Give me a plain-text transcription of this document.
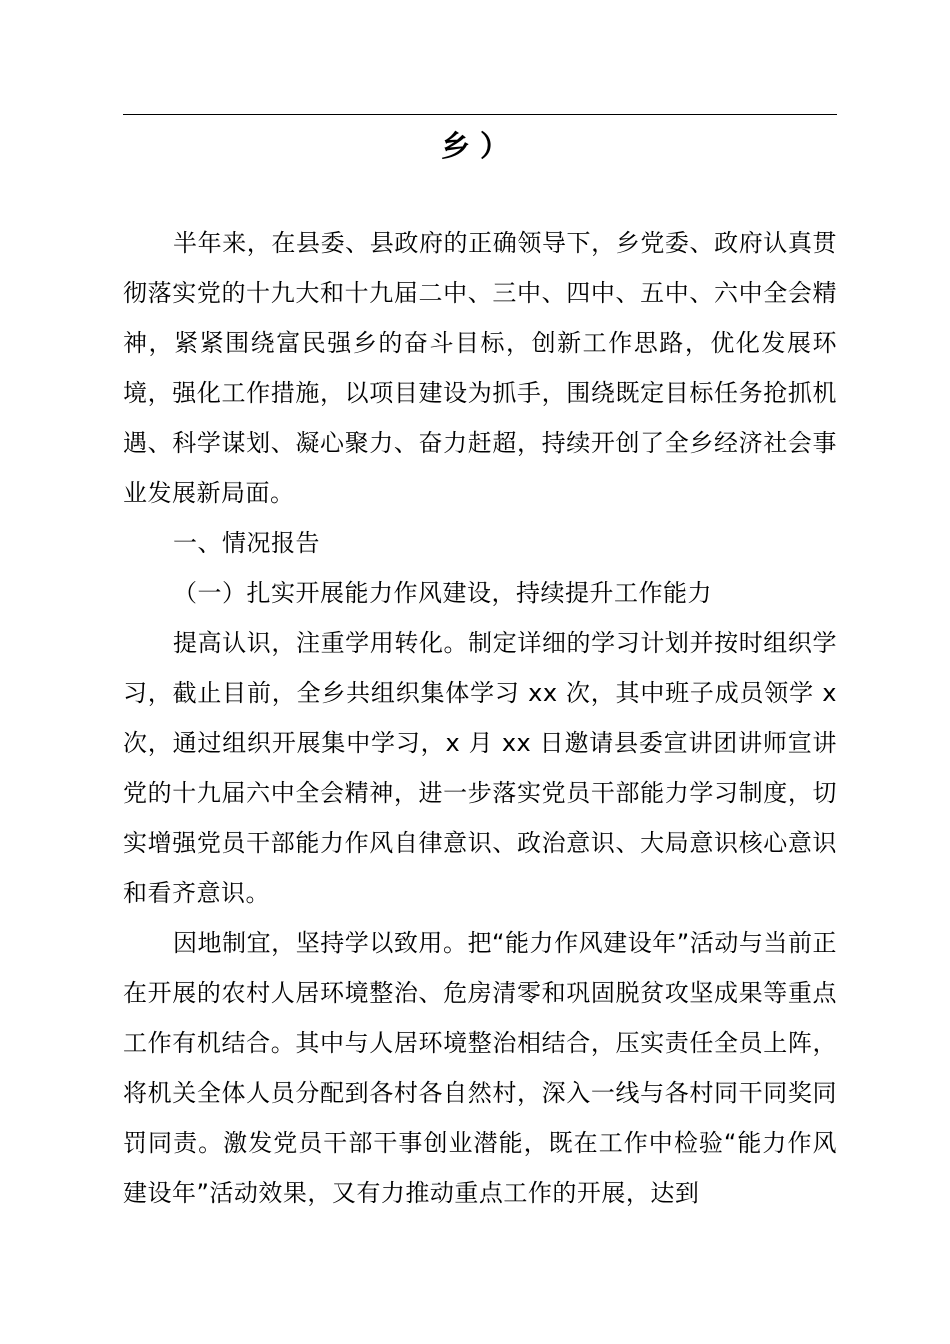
乡）

半年来，在县委、县政府的正确领导下，乡党委、政府认真贯彻落实党的十九大和十九届二中、三中、四中、五中、六中全会精神，紧紧围绕富民强乡的奋斗目标，创新工作思路，优化发展环境，强化工作措施，以项目建设为抓手，围绕既定目标任务抢抓机遇、科学谋划、凝心聚力、奋力赶超，持续开创了全乡经济社会事业发展新局面。

一、情况报告

（一）扎实开展能力作风建设，持续提升工作能力

提高认识，注重学用转化。制定详细的学习计划并按时组织学习，截止目前，全乡共组织集体学习 xx 次，其中班子成员领学 x 次，通过组织开展集中学习，x 月 xx 日邀请县委宣讲团讲师宣讲党的十九届六中全会精神，进一步落实党员干部能力学习制度，切实增强党员干部能力作风自律意识、政治意识、大局意识核心意识和看齐意识。

因地制宜，坚持学以致用。把“能力作风建设年”活动与当前正在开展的农村人居环境整治、危房清零和巩固脱贫攻坚成果等重点工作有机结合。其中与人居环境整治相结合，压实责任全员上阵，将机关全体人员分配到各村各自然村，深入一线与各村同干同奖同罚同责。激发党员干部干事创业潜能，既在工作中检验“能力作风建设年”活动效果，又有力推动重点工作的开展，达到
